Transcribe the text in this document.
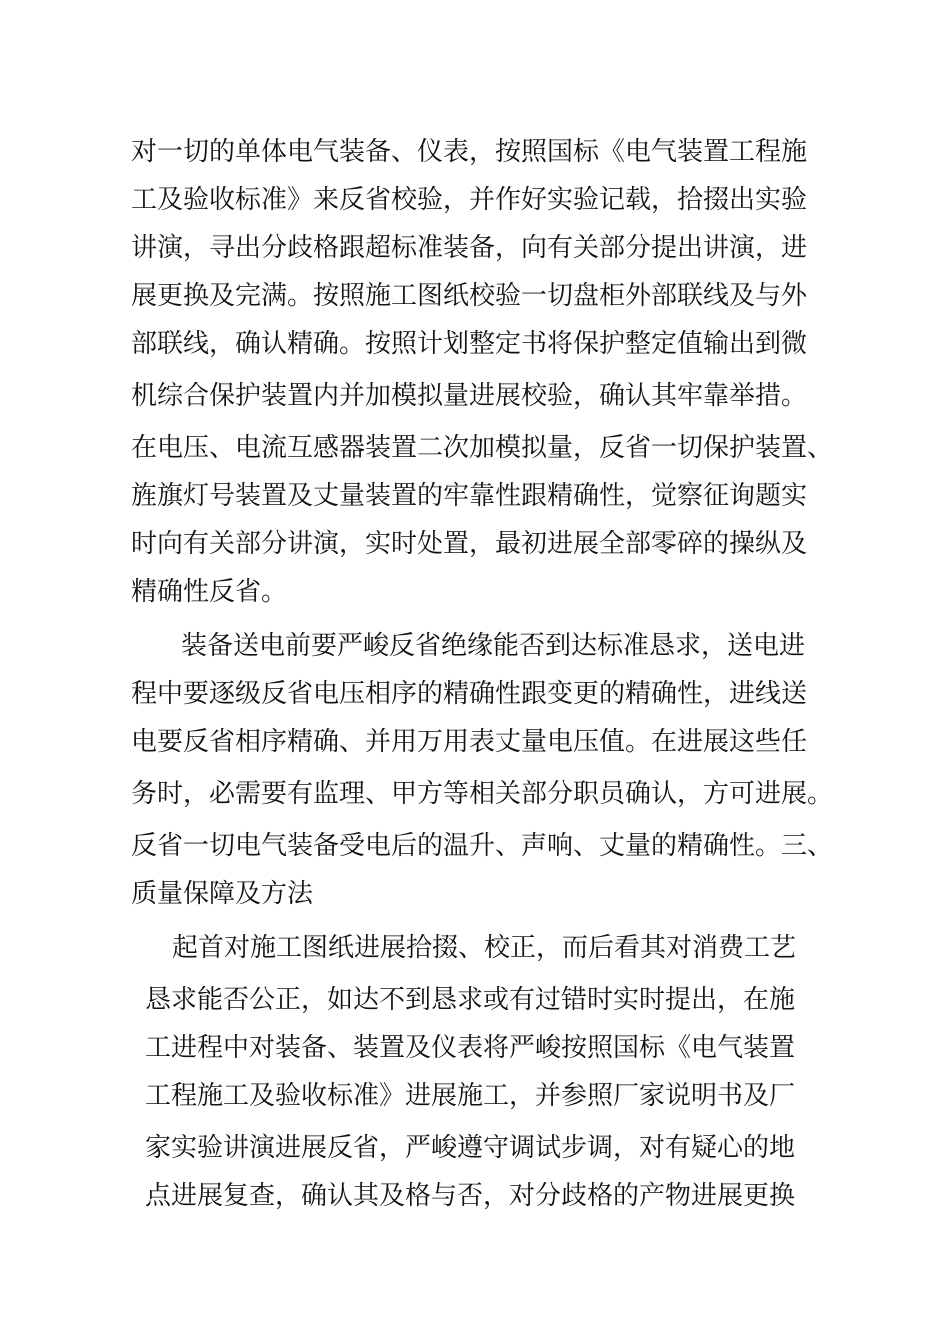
对一切的单体电气装备、仪表，按照国标《电气装置工程施
工及验收标准》来反省校验，并作好实验记载，拾掇出实验
讲演，寻出分歧格跟超标准装备，向有关部分提出讲演，进
展更换及完满。按照施工图纸校验一切盘柜外部联线及与外
部联线，确认精确。按照计划整定书将保护整定值输出到微
机综合保护装置内并加模拟量进展校验，确认其牢靠举措。
在电压、电流互感器装置二次加模拟量，反省一切保护装置、
旌旗灯号装置及丈量装置的牢靠性跟精确性，觉察征询题实
时向有关部分讲演，实时处置，最初进展全部零碎的操纵及
精确性反省。
装备送电前要严峻反省绝缘能否到达标准恳求，送电进
程中要逐级反省电压相序的精确性跟变更的精确性，进线送
电要反省相序精确、并用万用表丈量电压值。在进展这些任
务时，必需要有监理、甲方等相关部分职员确认，方可进展。
反省一切电气装备受电后的温升、声响、丈量的精确性。三、
质量保障及方法
起首对施工图纸进展拾掇、校正，而后看其对消费工艺
恳求能否公正，如达不到恳求或有过错时实时提出，在施
工进程中对装备、装置及仪表将严峻按照国标《电气装置
工程施工及验收标准》进展施工，并参照厂家说明书及厂
家实验讲演进展反省，严峻遵守调试步调，对有疑心的地
点进展复查，确认其及格与否，对分歧格的产物进展更换
